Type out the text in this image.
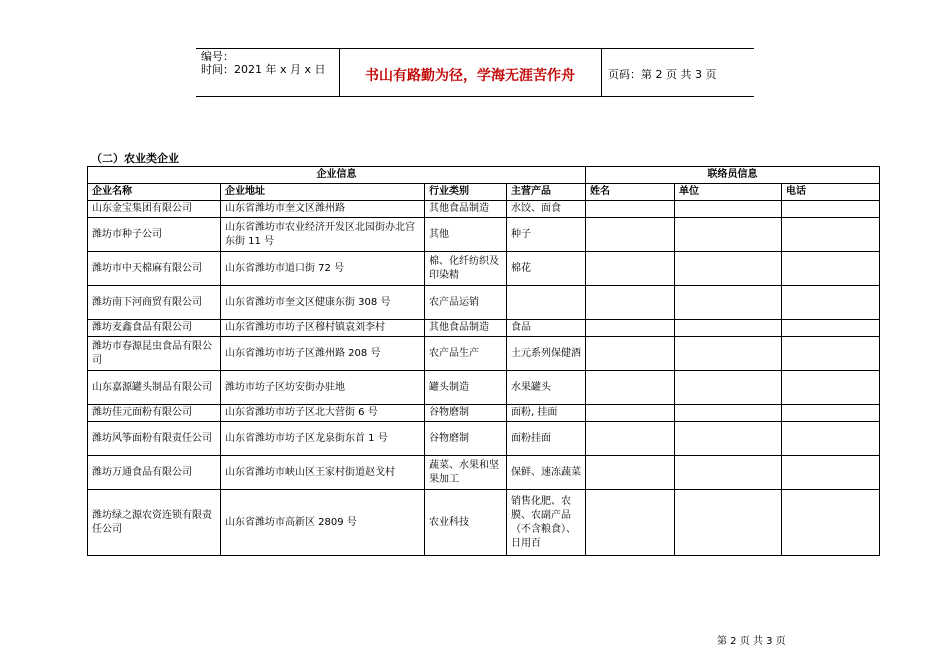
编号：
时间：2021 年 x 月 x 日	书山有路勤为径，学海无涯苦作舟	页码：第 2 页 共 3 页
（二）农业类企业
企业信息				联络员信息		
企业名称	企业地址	行业类别	主营产品	姓名	单位	电话
山东金宝集团有限公司	山东省潍坊市奎文区潍州路	其他食品制造	水饺、面食			
潍坊市种子公司	山东省潍坊市农业经济开发区北园街办北宫东街 11 号	其他	种子			
潍坊市中天棉麻有限公司	山东省潍坊市道口街 72 号	棉、化纤纺织及印染精	棉花			
潍坊南下河商贸有限公司	山东省潍坊市奎文区健康东街 308 号	农产品运销				
潍坊麦鑫食品有限公司	山东省潍坊市坊子区穆村镇袁刘李村	其他食品制造	食品			
潍坊市春源昆虫食品有限公司	山东省潍坊市坊子区潍州路 208 号	农产品生产	土元系列保健酒			
山东嘉源罐头制品有限公司	潍坊市坊子区坊安街办驻地	罐头制造	水果罐头			
潍坊佳元面粉有限公司	山东省潍坊市坊子区北大营街 6 号	谷物磨制	面粉, 挂面			
潍坊风筝面粉有限责任公司	山东省潍坊市坊子区龙泉街东首 1 号	谷物磨制	面粉挂面			
潍坊万通食品有限公司	山东省潍坊市峡山区王家村街道赵戈村	蔬菜、水果和坚果加工	保鲜、速冻蔬菜			
潍坊绿之源农资连锁有限责任公司	山东省潍坊市高新区 2809 号	农业科技	销售化肥、农膜、农副产品（不含粮食）、日用百			
第 2 页 共 3 页
